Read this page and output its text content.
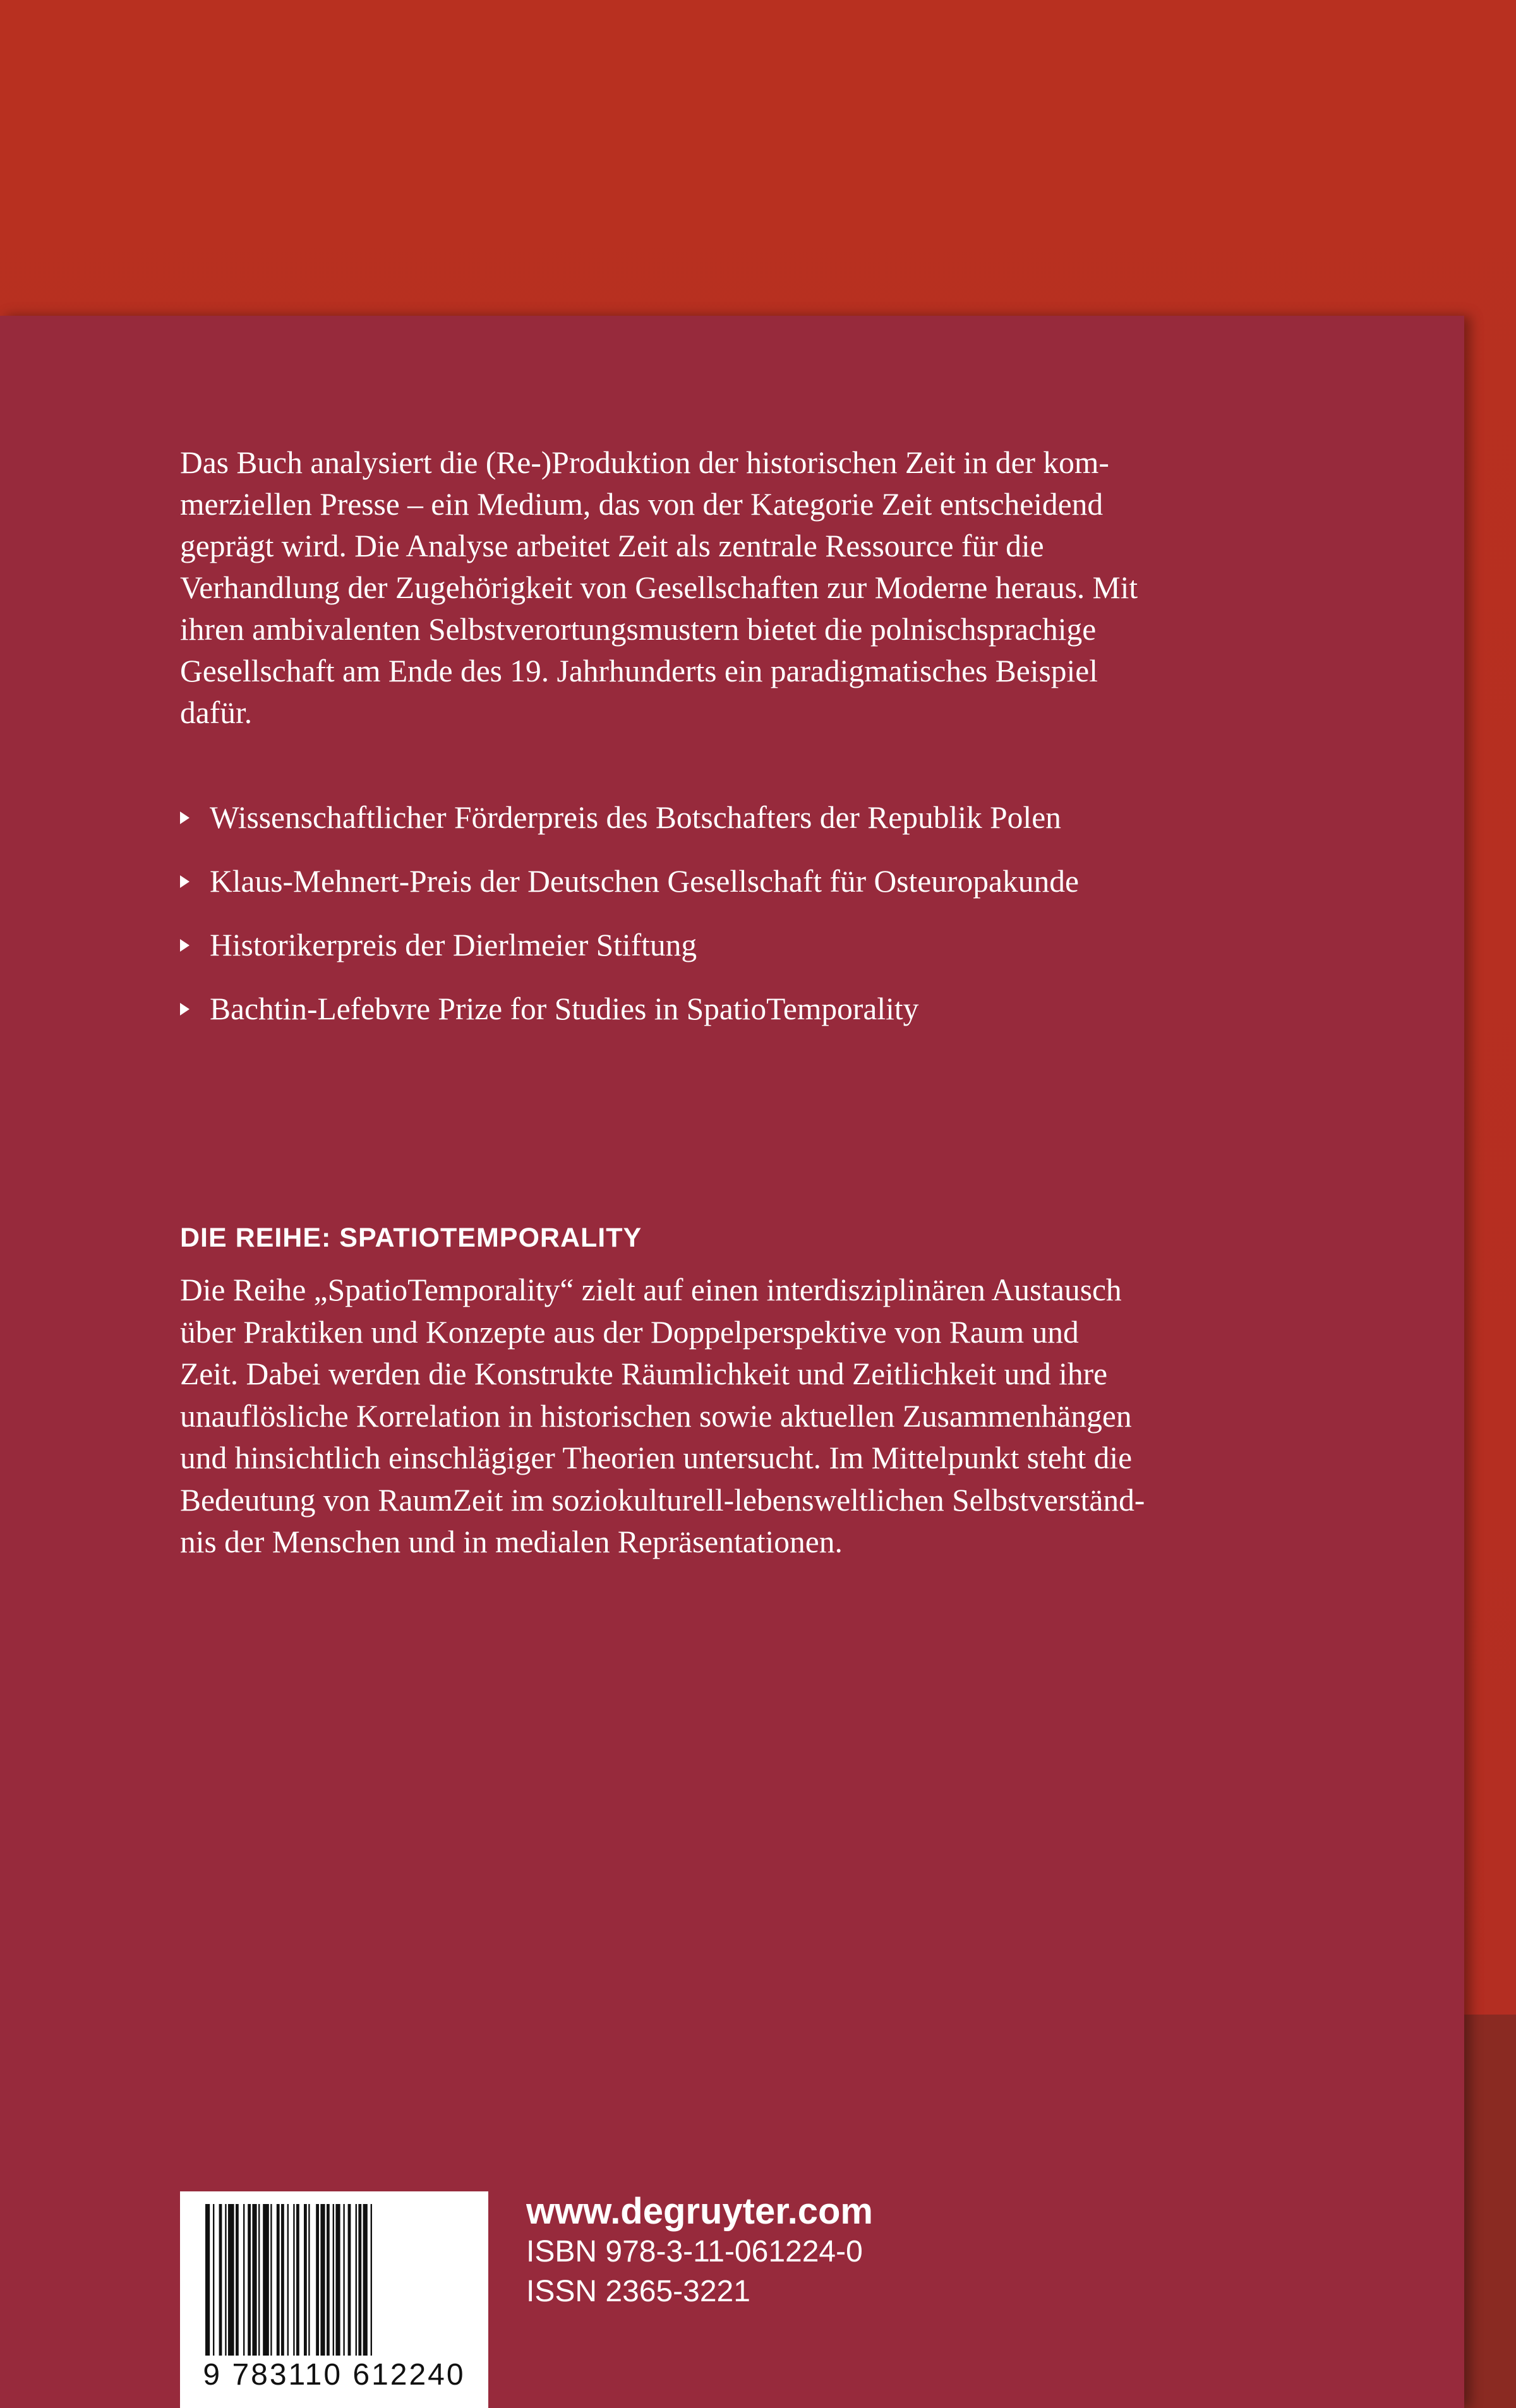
Das Buch analysiert die (Re-)Produktion der historischen Zeit in der kom-
merziellen Presse – ein Medium, das von der Kategorie Zeit entscheidend
geprägt wird. Die Analyse arbeitet Zeit als zentrale Ressource für die
Verhandlung der Zugehörigkeit von Gesellschaften zur Moderne heraus. Mit
ihren ambivalenten Selbstverortungsmustern bietet die polnischsprachige
Gesellschaft am Ende des 19. Jahrhunderts ein paradigmatisches Beispiel
dafür.

Wissenschaftlicher Förderpreis des Botschafters der Republik Polen
Klaus-Mehnert-Preis der Deutschen Gesellschaft für Osteuropakunde
Historikerpreis der Dierlmeier Stiftung
Bachtin-Lefebvre Prize for Studies in SpatioTemporality
DIE REIHE: SPATIOTEMPORALITY

Die Reihe „SpatioTemporality“ zielt auf einen interdisziplinären Austausch
über Praktiken und Konzepte aus der Doppelperspektive von Raum und
Zeit. Dabei werden die Konstrukte Räumlichkeit und Zeitlichkeit und ihre
unauflösliche Korrelation in historischen sowie aktuellen Zusammenhängen
und hinsichtlich einschlägiger Theorien untersucht. Im Mittelpunkt steht die
Bedeutung von RaumZeit im soziokulturell-lebensweltlichen Selbstverständ-
nis der Menschen und in medialen Repräsentationen.

9 783110 612240
www.degruyter.com
ISBN 978-3-11-061224-0
ISSN 2365-3221
